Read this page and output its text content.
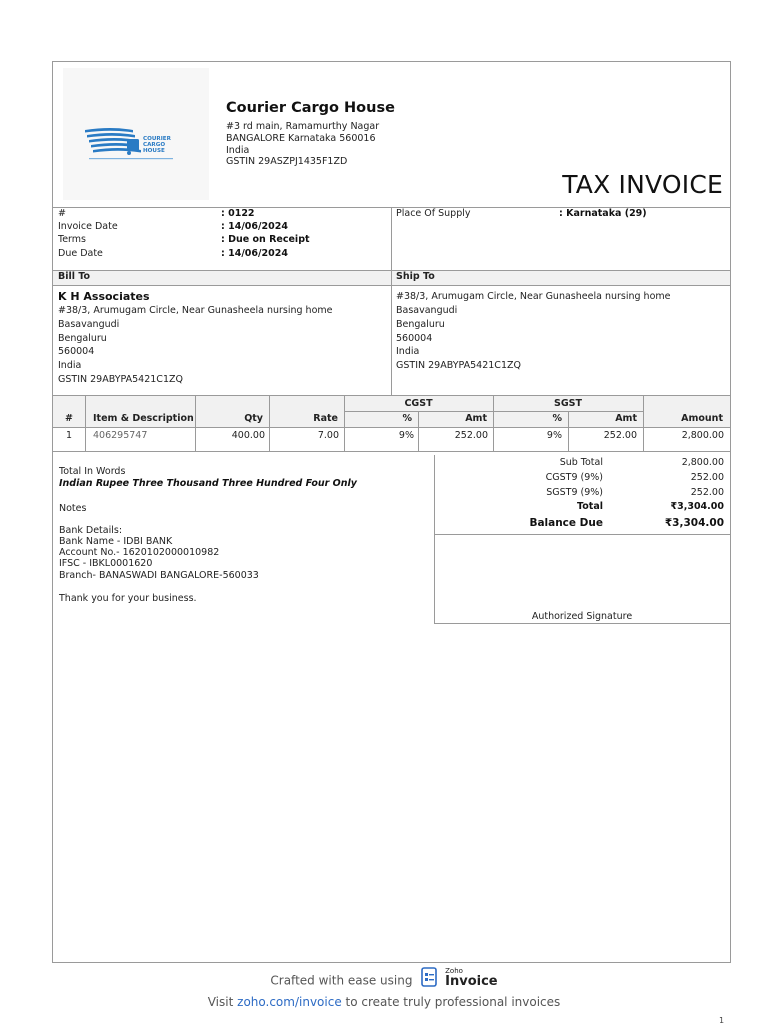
COURIER
CARGO
HOUSE
Courier Cargo House
#3 rd main, Ramamurthy Nagar
BANGALORE Karnataka 560016
India
GSTIN 29ASZPJ1435F1ZD
TAX INVOICE
#	: 0122
Invoice Date	: 14/06/2024
Terms	: Due on Receipt
Due Date	: 14/06/2024
Place Of Supply	: Karnataka (29)
Bill To	Ship To
K H Associates
#38/3, Arumugam Circle, Near Gunasheela nursing home
Basavangudi
Bengaluru
560004
India
GSTIN 29ABYPA5421C1ZQ
#38/3, Arumugam Circle, Near Gunasheela nursing home
Basavangudi
Bengaluru
560004
India
GSTIN 29ABYPA5421C1ZQ
CGST	SGST
#	Item & Description	Qty	Rate	%	Amt	%	Amt	Amount
1	406295747	400.00	7.00	9%	252.00	9%	252.00	2,800.00
Total In Words
Indian Rupee Three Thousand Three Hundred Four Only
Notes
Bank Details:
Bank Name - IDBI BANK
Account No.- 1620102000010982
IFSC - IBKL0001620
Branch- BANASWADI BANGALORE-560033
Thank you for your business.
Sub Total	2,800.00
CGST9 (9%)	252.00
SGST9 (9%)	252.00
Total	₹3,304.00
Balance Due	₹3,304.00
Authorized Signature
Crafted with ease using
Zoho
Invoice
Visit zoho.com/invoice to create truly professional invoices
1
